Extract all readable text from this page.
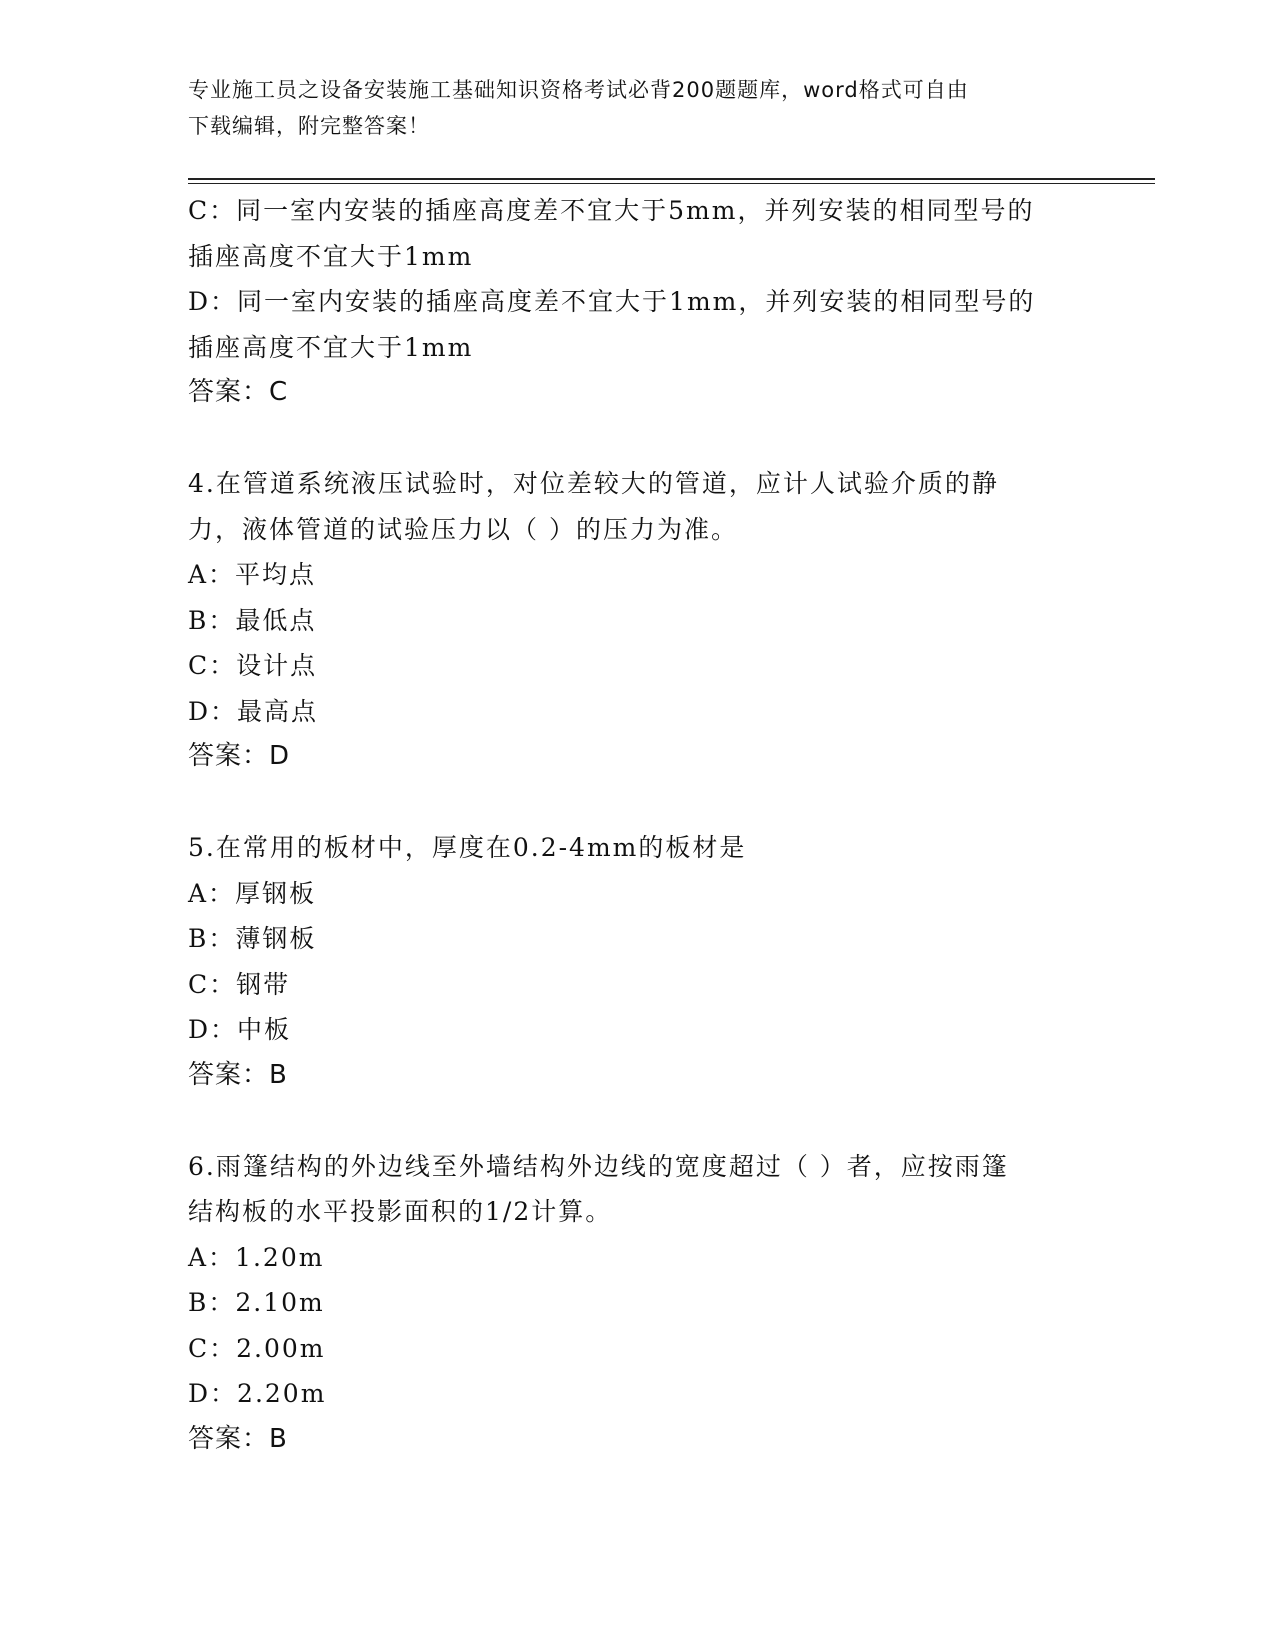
专业施工员之设备安装施工基础知识资格考试必背200题题库，word格式可自由
下载编辑，附完整答案！
C：同一室内安装的插座高度差不宜大于5mm，并列安装的相同型号的
插座高度不宜大于1mm
D：同一室内安装的插座高度差不宜大于1mm，并列安装的相同型号的
插座高度不宜大于1mm
答案：C
4.在管道系统液压试验时，对位差较大的管道，应计人试验介质的静
力，液体管道的试验压力以（ ）的压力为准。
A：平均点
B：最低点
C：设计点
D：最高点
答案：D
5.在常用的板材中，厚度在0.2-4mm的板材是
A：厚钢板
B：薄钢板
C：钢带
D：中板
答案：B
6.雨篷结构的外边线至外墙结构外边线的宽度超过（ ）者，应按雨篷
结构板的水平投影面积的1/2计算。
A：1.20m
B：2.10m
C：2.00m
D：2.20m
答案：B
